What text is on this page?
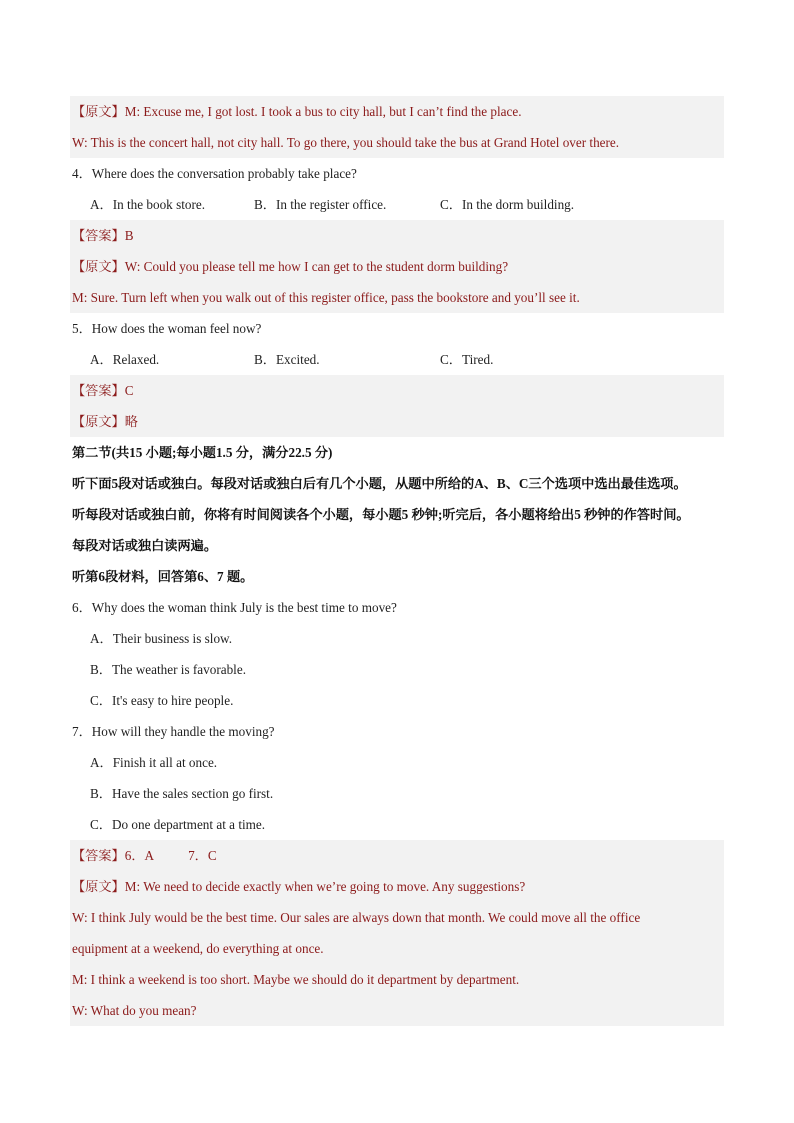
【原文】M: Excuse me, I got lost. I took a bus to city hall, but I can’t find the place.
W: This is the concert hall, not city hall. To go there, you should take the bus at Grand Hotel over there.
4．Where does the conversation probably take place?
A．In the book store.	B．In the register office.	C．In the dorm building.
【答案】B
【原文】W: Could you please tell me how I can get to the student dorm building?
M: Sure. Turn left when you walk out of this register office, pass the bookstore and you’ll see it.
5．How does the woman feel now?
A．Relaxed.	B．Excited.	C．Tired.
【答案】C
【原文】略
第二节(共15 小题;每小题1.5 分，满分22.5 分)
听下面5段对话或独白。每段对话或独白后有几个小题，从题中所给的A、B、C三个选项中选出最佳选项。
听每段对话或独白前，你将有时间阅读各个小题，每小题5 秒钟;听完后，各小题将给出5 秒钟的作答时间。
每段对话或独白读两遍。
听第6段材料，回答第6、7 题。
6．Why does the woman think July is the best time to move?
A．Their business is slow.
B．The weather is favorable.
C．It's easy to hire people.
7．How will they handle the moving?
A．Finish it all at once.
B．Have the sales section go first.
C．Do one department at a time.
【答案】6．A	7．C
【原文】M: We need to decide exactly when we’re going to move. Any suggestions?
W: I think July would be the best time. Our sales are always down that month. We could move all the office
equipment at a weekend, do everything at once.
M: I think a weekend is too short. Maybe we should do it department by department.
W: What do you mean?
